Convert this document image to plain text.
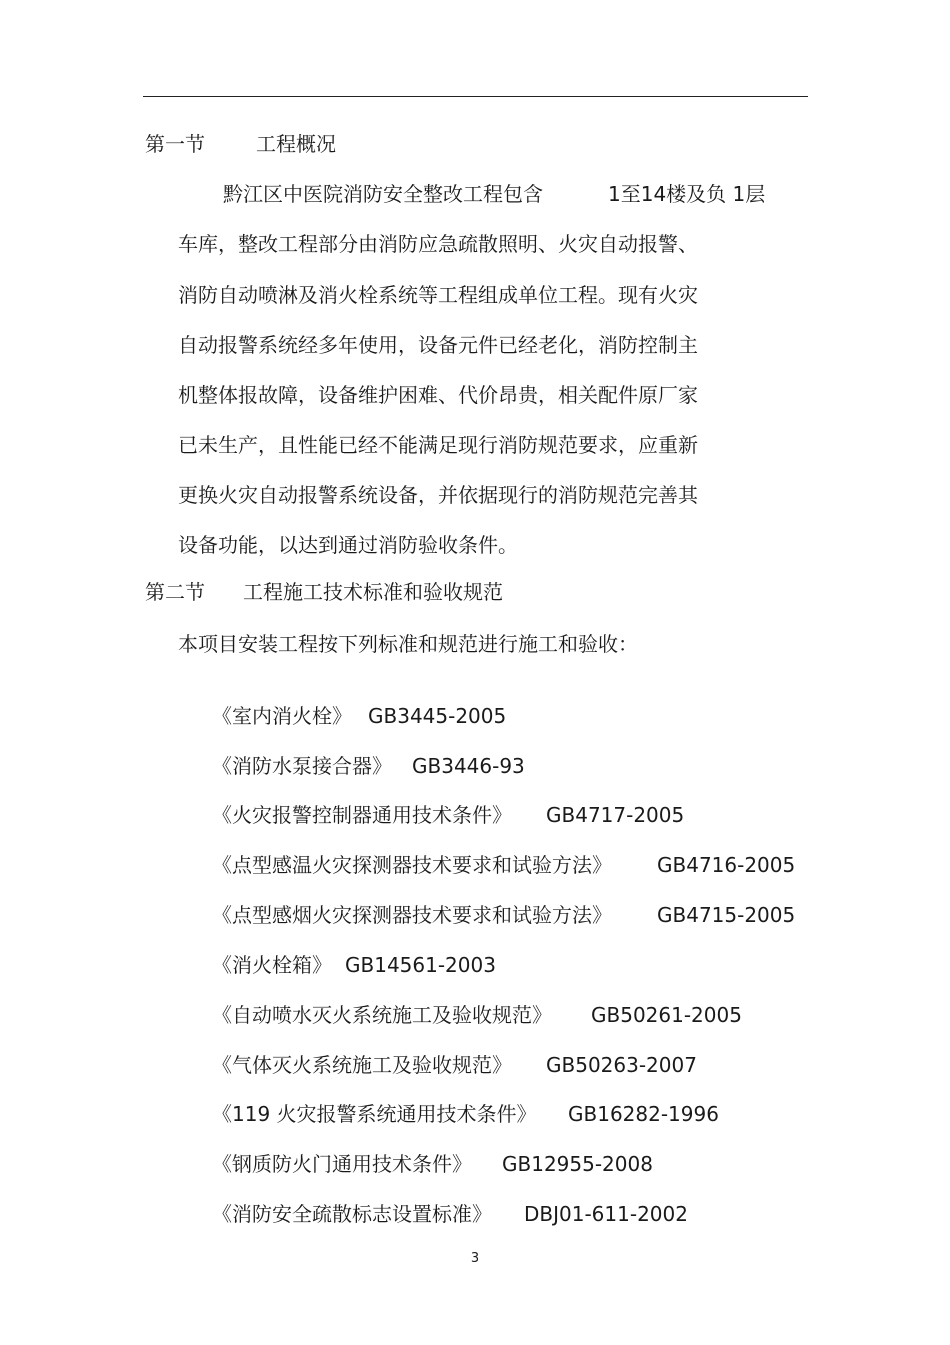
第一节	工程概况
黔江区中医院消防安全整改工程包含	1至14楼及负 1层
车库，整改工程部分由消防应急疏散照明、火灾自动报警、
消防自动喷淋及消火栓系统等工程组成单位工程。现有火灾
自动报警系统经多年使用，设备元件已经老化，消防控制主
机整体报故障，设备维护困难、代价昂贵，相关配件原厂家
已未生产，且性能已经不能满足现行消防规范要求，应重新
更换火灾自动报警系统设备，并依据现行的消防规范完善其
设备功能，以达到通过消防验收条件。
第二节 工程施工技术标准和验收规范
本项目安装工程按下列标准和规范进行施工和验收：
《室内消火栓》 GB3445-2005
《消防水泵接合器》 GB3446-93
《火灾报警控制器通用技术条件》 GB4717-2005
《点型感温火灾探测器技术要求和试验方法》 GB4716-2005
《点型感烟火灾探测器技术要求和试验方法》 GB4715-2005
《消火栓箱》 GB14561-2003
《自动喷水灭火系统施工及验收规范》 GB50261-2005
《气体灭火系统施工及验收规范》 GB50263-2007
《119 火灾报警系统通用技术条件》 GB16282-1996
《钢质防火门通用技术条件》 GB12955-2008
《消防安全疏散标志设置标准》 DBJ01-611-2002
3
